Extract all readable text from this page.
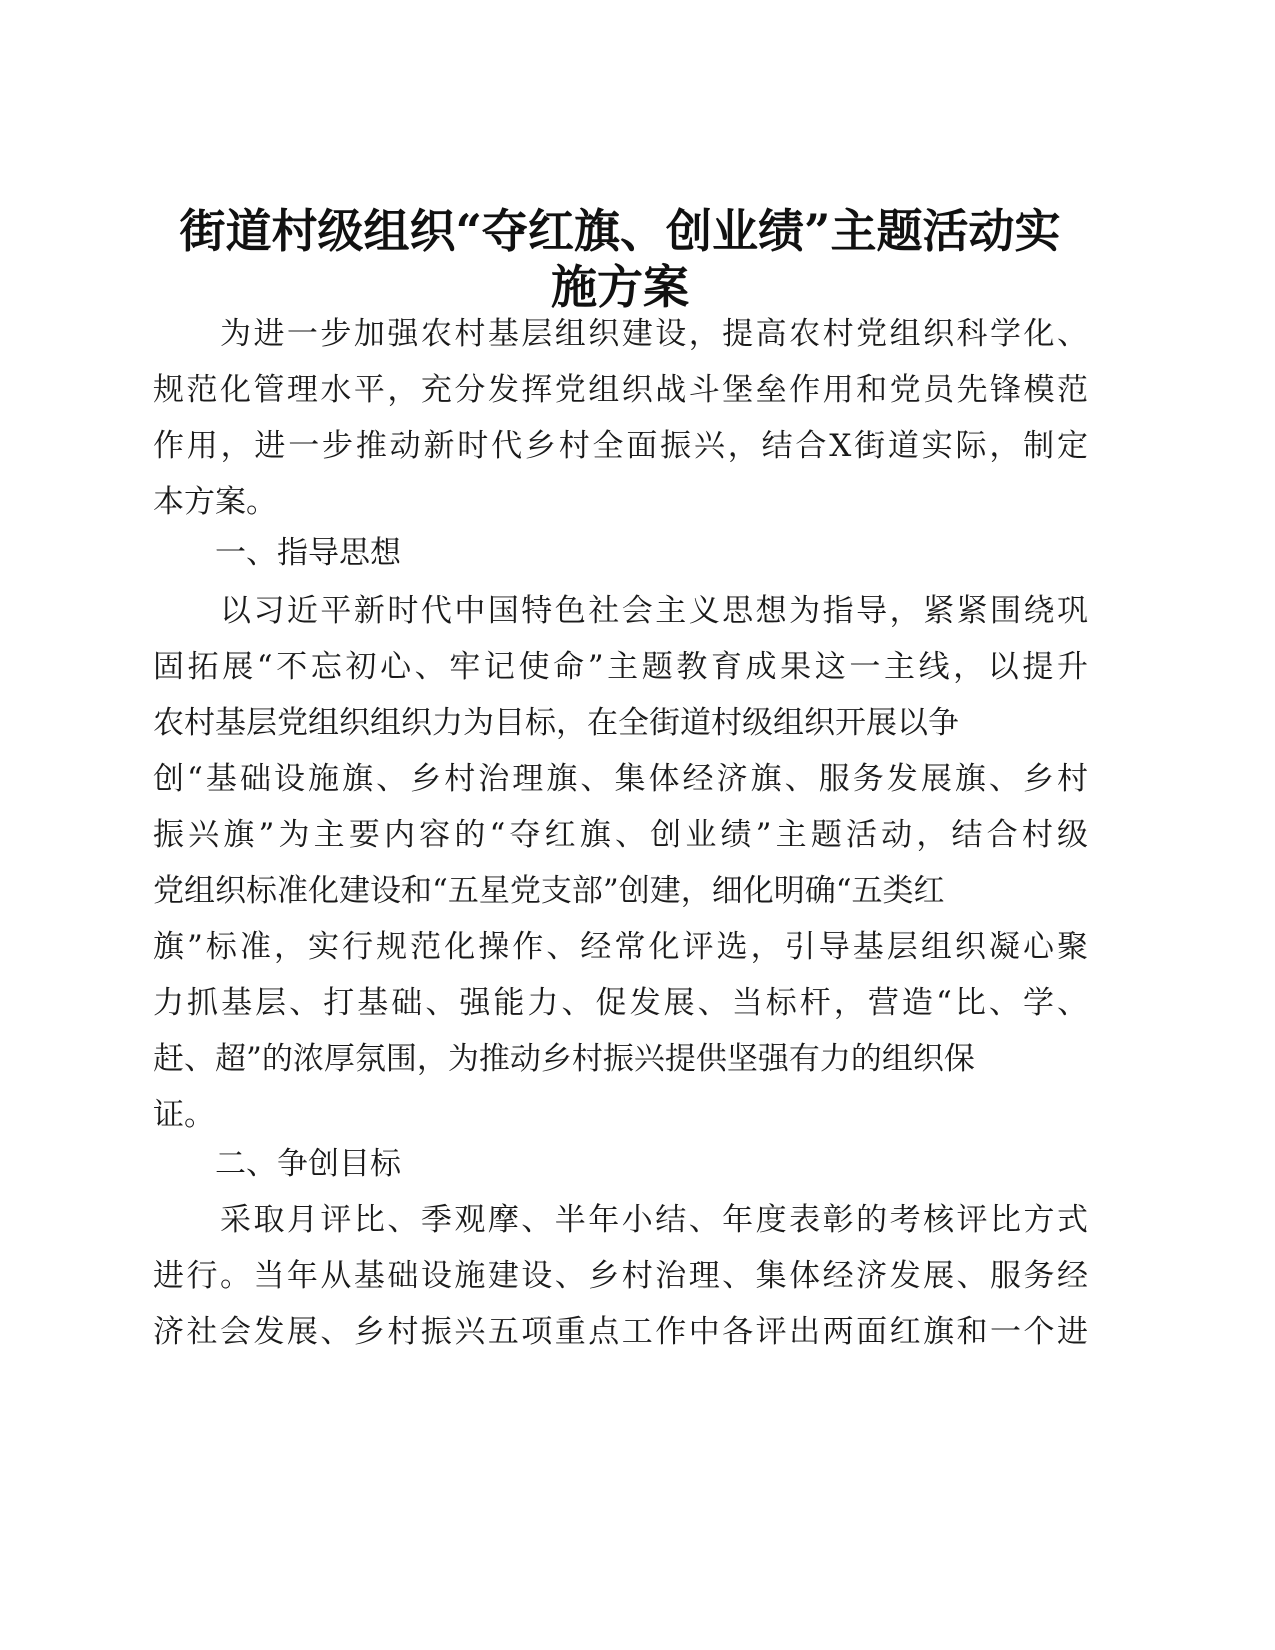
街道村级组织“夺红旗、创业绩”主题活动实
施方案
　　为进一步加强农村基层组织建设，提高农村党组织科学化、
规范化管理水平，充分发挥党组织战斗堡垒作用和党员先锋模范
作用，进一步推动新时代乡村全面振兴，结合X街道实际，制定
本方案。
　　一、指导思想
　　以习近平新时代中国特色社会主义思想为指导，紧紧围绕巩
固拓展“不忘初心、牢记使命”主题教育成果这一主线，以提升
农村基层党组织组织力为目标，在全街道村级组织开展以争
创“基础设施旗、乡村治理旗、集体经济旗、服务发展旗、乡村
振兴旗”为主要内容的“夺红旗、创业绩”主题活动，结合村级
党组织标准化建设和“五星党支部”创建，细化明确“五类红
旗”标准，实行规范化操作、经常化评选，引导基层组织凝心聚
力抓基层、打基础、强能力、促发展、当标杆，营造“比、学、
赶、超”的浓厚氛围，为推动乡村振兴提供坚强有力的组织保
证。
　　二、争创目标
　　采取月评比、季观摩、半年小结、年度表彰的考核评比方式
进行。当年从基础设施建设、乡村治理、集体经济发展、服务经
济社会发展、乡村振兴五项重点工作中各评出两面红旗和一个进
